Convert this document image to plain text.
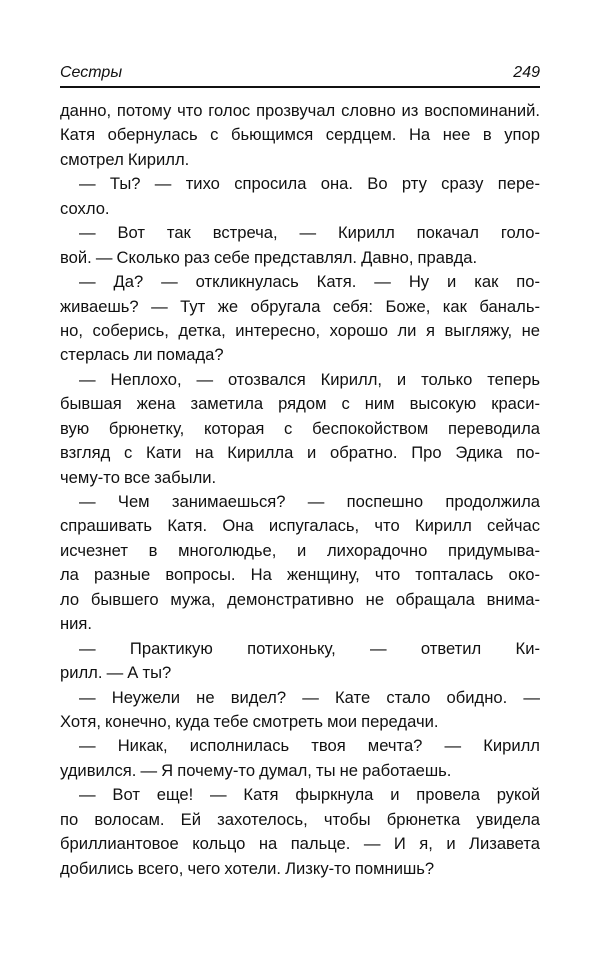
Сестры	249
данно, потому что голос прозвучал словно из воспоминаний.
Катя обернулась с бьющимся сердцем. На нее в упор
смотрел Кирилл.
— Ты? — тихо спросила она. Во рту сразу пере-
сохло.
— Вот так встреча, — Кирилл покачал голо-
вой. — Сколько раз себе представлял. Давно, правда.
— Да? — откликнулась Катя. — Ну и как по-
живаешь? — Тут же обругала себя: Боже, как баналь-
но, соберись, детка, интересно, хорошо ли я выгляжу, не
стерлась ли помада?
— Неплохо, — отозвался Кирилл, и только теперь
бывшая жена заметила рядом с ним высокую краси-
вую брюнетку, которая с беспокойством переводила
взгляд с Кати на Кирилла и обратно. Про Эдика по-
чему-то все забыли.
— Чем занимаешься? — поспешно продолжила
спрашивать Катя. Она испугалась, что Кирилл сейчас
исчезнет в многолюдье, и лихорадочно придумыва-
ла разные вопросы. На женщину, что топталась око-
ло бывшего мужа, демонстративно не обращала внима-
ния.
— Практикую потихоньку, — ответил Ки-
рилл. — А ты?
— Неужели не видел? — Кате стало обидно. —
Хотя, конечно, куда тебе смотреть мои передачи.
— Никак, исполнилась твоя мечта? — Кирилл
удивился. — Я почему-то думал, ты не работаешь.
— Вот еще! — Катя фыркнула и провела рукой
по волосам. Ей захотелось, чтобы брюнетка увидела
бриллиантовое кольцо на пальце. — И я, и Лизавета
добились всего, чего хотели. Лизку-то помнишь?
